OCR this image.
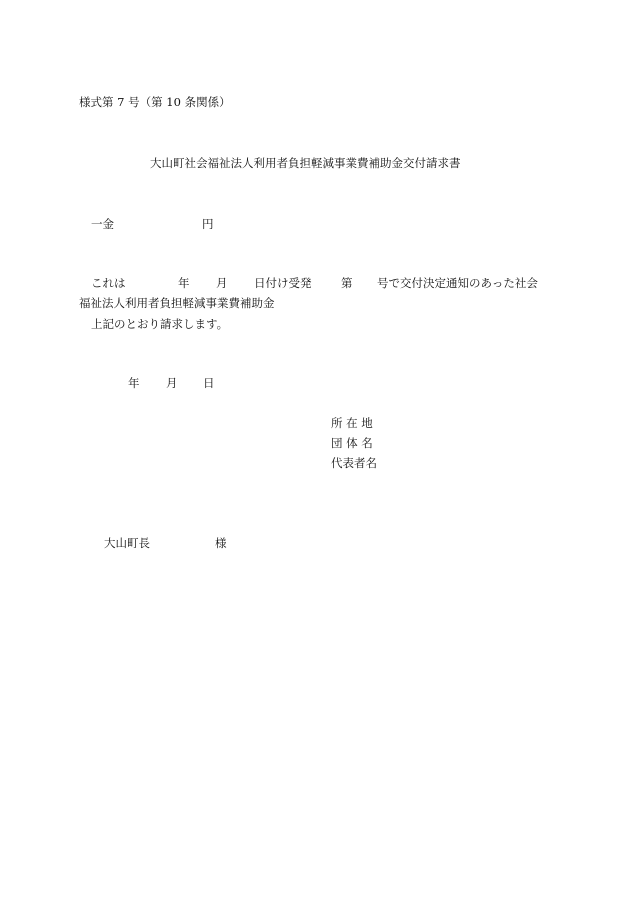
様式第 7 号（第 10 条関係）
大山町社会福祉法人利用者負担軽減事業費補助金交付請求書
一金	円
これは	年 月 日付け受発	第 号で交付決定通知のあった社会
福祉法人利用者負担軽減事業費補助金
上記のとおり請求します。
年 月 日
所 在 地
団 体 名
代表者名
大山町長	様
